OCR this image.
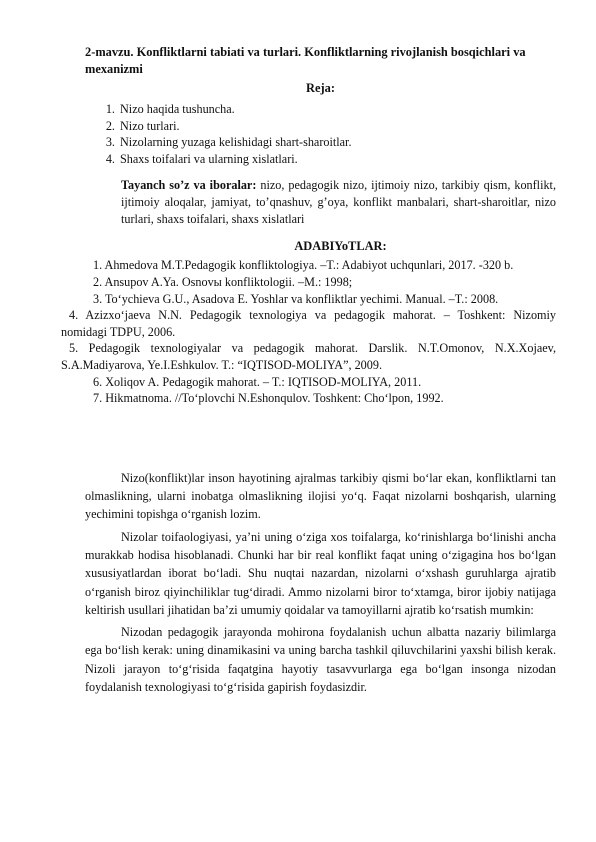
2-mavzu. Konfliktlarni tabiati va turlari. Konfliktlarning rivojlanish bosqichlari va mexanizmi
Reja:
1. Nizo haqida tushuncha.
2. Nizo turlari.
3. Nizolarning yuzaga kelishidagi shart-sharoitlar.
4. Shaxs toifalari va ularning xislatlari.
Tayanch so’z va iboralar: nizo, pedagogik nizo, ijtimoiy nizo, tarkibiy qism, konflikt, ijtimoiy aloqalar, jamiyat, to’qnashuv, g’oya, konflikt manbalari, shart-sharoitlar, nizo turlari, shaxs toifalari, shaxs xislatlari
ADABIYoTLAR:
1. Ahmedova M.T.Pedagogik konfliktologiya. –T.: Adabiyot uchqunlari, 2017. -320 b.
2. Ansupov A.Ya. Osnovы konfliktologii. –M.: 1998;
3. To‘ychieva G.U., Asadova E. Yoshlar va konfliktlar yechimi. Manual. –T.: 2008.
4. Azizxo‘jaeva N.N. Pedagogik texnologiya va pedagogik mahorat. – Toshkent: Nizomiy nomidagi TDPU, 2006.
5. Pedagogik texnologiyalar va pedagogik mahorat. Darslik. N.T.Omonov, N.X.Xojaev, S.A.Madiyarova, Ye.I.Eshkulov. T.: “IQTISOD-MOLIYA”, 2009.
6. Xoliqov A. Pedagogik mahorat. – T.: IQTISOD-MOLIYA, 2011.
7. Hikmatnoma. //To‘plovchi N.Eshonqulov. Toshkent: Cho‘lpon, 1992.

Nizo(konflikt)lar inson hayotining ajralmas tarkibiy qismi bo‘lar ekan, konfliktlarni tan olmaslikning, ularni inobatga olmaslikning ilojisi yo‘q. Faqat nizolarni boshqarish, ularning yechimini topishga o‘rganish lozim.

Nizolar toifaologiyasi, ya’ni uning o‘ziga xos toifalarga, ko‘rinishlarga bo‘linishi ancha murakkab hodisa hisoblanadi. Chunki har bir real konflikt faqat uning o‘zigagina hos bo‘lgan xususiyatlardan iborat bo‘ladi. Shu nuqtai nazardan, nizolarni o‘xshash guruhlarga ajratib o‘rganish biroz qiyinchiliklar tug‘diradi. Ammo nizolarni biror to‘xtamga, biror ijobiy natijaga keltirish usullari jihatidan ba’zi umumiy qoidalar va tamoyillarni ajratib ko‘rsatish mumkin:

Nizodan pedagogik jarayonda mohirona foydalanish uchun albatta nazariy bilimlarga ega bo‘lish kerak: uning dinamikasini va uning barcha tashkil qiluvchilarini yaxshi bilish kerak. Nizoli jarayon to‘g‘risida faqatgina hayotiy tasavvurlarga ega bo‘lgan insonga nizodan foydalanish texnologiyasi to‘g‘risida gapirish foydasizdir.
